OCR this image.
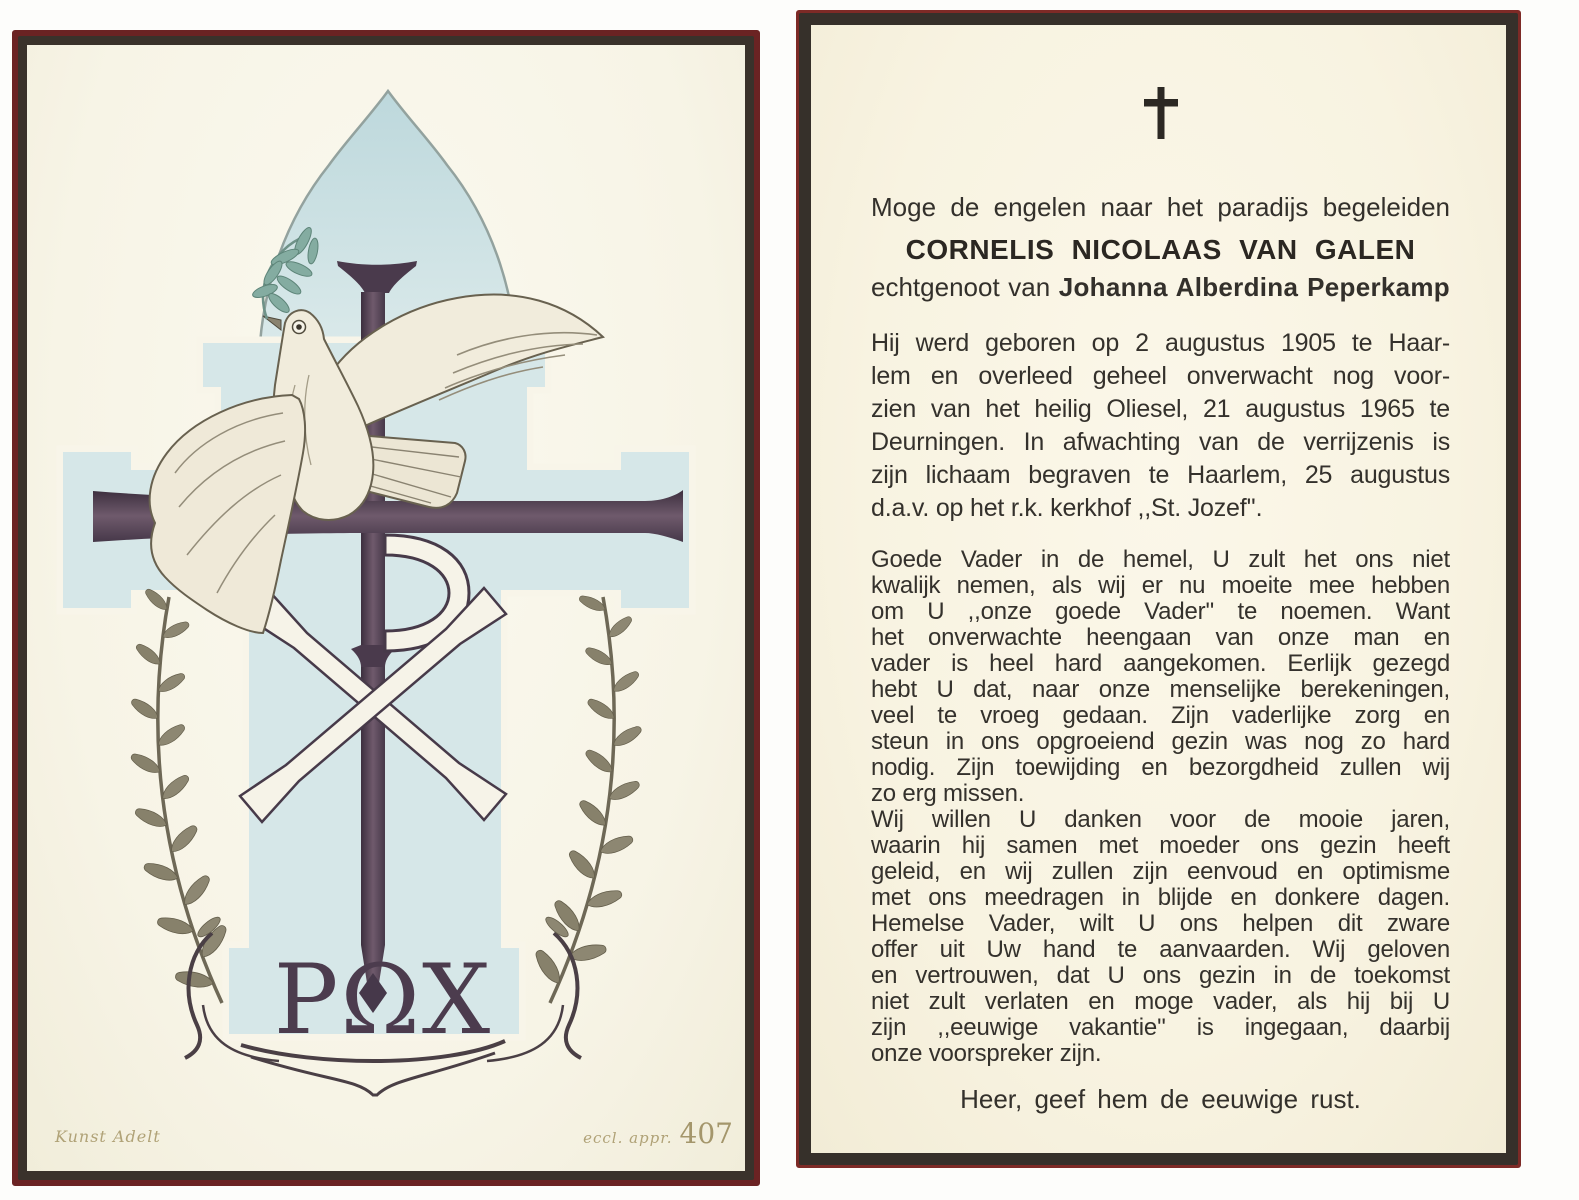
PΩX
Kunst Adelt	eccl. appr. 407
Moge de engelen naar het paradijs begeleiden
CORNELIS NICOLAAS VAN GALEN
echtgenoot van Johanna Alberdina Peperkamp
Hij werd geboren op 2 augustus 1905 te Haar-
lem en overleed geheel onverwacht nog voor-
zien van het heilig Oliesel, 21 augustus 1965 te
Deurningen. In afwachting van de verrijzenis is
zijn lichaam begraven te Haarlem, 25 augustus
d.a.v. op het r.k. kerkhof ,,St. Jozef''.
Goede Vader in de hemel, U zult het ons niet
kwalijk nemen, als wij er nu moeite mee hebben
om U ,,onze goede Vader'' te noemen. Want
het onverwachte heengaan van onze man en
vader is heel hard aangekomen. Eerlijk gezegd
hebt U dat, naar onze menselijke berekeningen,
veel te vroeg gedaan. Zijn vaderlijke zorg en
steun in ons opgroeiend gezin was nog zo hard
nodig. Zijn toewijding en bezorgdheid zullen wij
zo erg missen.
Wij willen U danken voor de mooie jaren,
waarin hij samen met moeder ons gezin heeft
geleid, en wij zullen zijn eenvoud en optimisme
met ons meedragen in blijde en donkere dagen.
Hemelse Vader, wilt U ons helpen dit zware
offer uit Uw hand te aanvaarden. Wij geloven
en vertrouwen, dat U ons gezin in de toekomst
niet zult verlaten en moge vader, als hij bij U
zijn ,,eeuwige vakantie'' is ingegaan, daarbij
onze voorspreker zijn.
Heer, geef hem de eeuwige rust.
